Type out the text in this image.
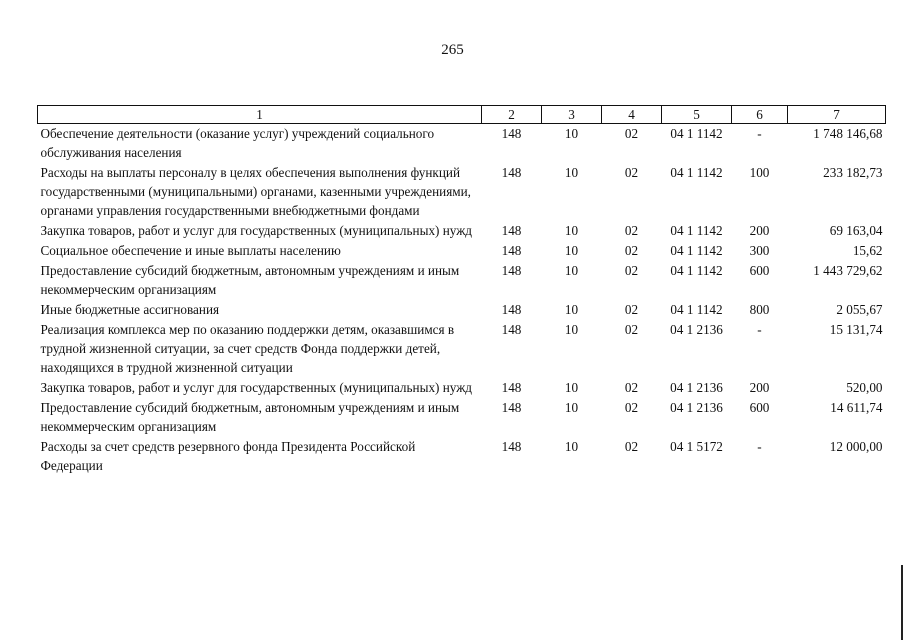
265
1	2	3	4	5	6	7
Обеспечение деятельности (оказание услуг) учреждений социального обслуживания населения	148	10	02	04 1 1142	-	1 748 146,68
Расходы на выплаты персоналу в целях обеспечения выполнения функций государственными (муниципальными) органами, казенными учреждениями, органами управления государственными внебюджетными фондами	148	10	02	04 1 1142	100	233 182,73
Закупка товаров, работ и услуг для государственных (муниципальных) нужд	148	10	02	04 1 1142	200	69 163,04
Социальное обеспечение и иные выплаты населению	148	10	02	04 1 1142	300	15,62
Предоставление субсидий бюджетным, автономным учреждениям и иным некоммерческим организациям	148	10	02	04 1 1142	600	1 443 729,62
Иные бюджетные ассигнования	148	10	02	04 1 1142	800	2 055,67
Реализация комплекса мер по оказанию поддержки детям, оказавшимся в трудной жизненной ситуации, за счет средств Фонда поддержки детей, находящихся в трудной жизненной ситуации	148	10	02	04 1 2136	-	15 131,74
Закупка товаров, работ и услуг для государственных (муниципальных) нужд	148	10	02	04 1 2136	200	520,00
Предоставление субсидий бюджетным, автономным учреждениям и иным некоммерческим организациям	148	10	02	04 1 2136	600	14 611,74
Расходы за счет средств резервного фонда Президента Российской Федерации	148	10	02	04 1 5172	-	12 000,00
